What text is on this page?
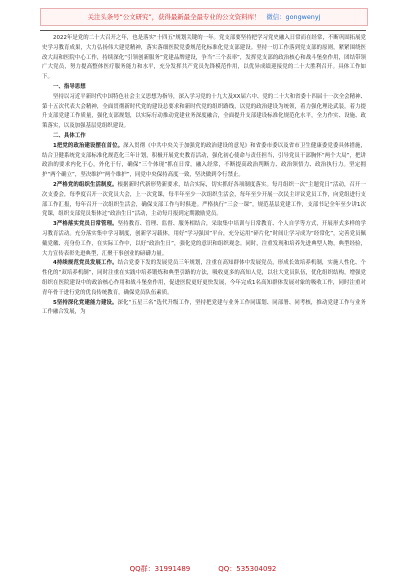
关注头条号“公文研究”，获得最新最全最专业的公文资料库！ 微信：gongwenyj

2022年是党的二十大召开之年，也是落实"十四五"规划关键的一年。党支部要坚持把学习党史融入日常而在经常，不断巩固拓展党史学习教育成果，大力弘扬伟大建党精神，落实落细医院党委规范化标准化党支部建设。坚持一切工作落到党支部的原则，紧紧围绕医改大局和医院中心工作，持续深化“引领创新服务”党建品牌建设，争当“三个表率”，发挥党支部的政治核心和战斗堡垒作用，团结带领广大党员，努力提高整体医疗服务能力和水平，充分发挥共产党员先锋模范作用，以优异成绩迎接党的二十大胜利召开。具体工作如下。

一、指导思想

坚持以习近平新时代中国特色社会主义思想为指导，深入学习党的十九大及XX届六中、党的二十大和省委十四届十一次全会精神、第十五次代表大会精神，全面贯彻新时代党的建设总要求和新时代党的组织路线，以党的政治建设为统领，着力强化理论武装，着力提升支部党建工作质量，强化支部规划，以实际行动推动党建业务深度融合，全面提升支部建设标准化规范化水平，全力作实、设施、政策落实，以及加强基层党组织建设。

二、具体工作

1把党的政治建设摆在首位。深入贯彻《中共中央关于加强党的政治建设的意见》和省委市委以及省市卫生健康委党委具体措施，结合卫健系统党支部标准化规范化三年计划，积极开展党史教育活动，强化初心使命与责任担当，引导党员干部胸怀“两个大局”，把讲政治的要求内化于心，外化于行，确保“三个体现”抓在日常，融入经常，不断提高政治判断力、政治领悟力、政治执行力。坚定拥护“两个确立”，坚决维护“两个维护”，同党中央保持高度一致，坚决做到令行禁止。

2严格党的组织生活制度。根据新时代新形势新要求，结合实际，切实抓好各项制度落实。每月组织一次“主题党日”活动，召开一次支委会，每季度召开一次党员大会，上一次党课，每半年至少一次组织生活会，每年至少开展一次民主评议党员工作，向党组进行支部工作汇报，每年召开一次组织生活会，确保支部工作与时俱进。严格执行“三会一课”，规范基层党建工作，支部书记全年至少讲1次党课，组织支部党员集体过“政治生日”活动，主动每月报到定期激励党员。

3严格落实党员日常管理。坚持教育、管理、监督、服务相结合，采取集中培训与日常教育、个人自学等方式，开展形式多样的学习教育活动。充分落实集中学习制度，创新学习载体，用好“学习强国”平台，充分运用“碎片化”时间让学习成为“经常化”，完善党员佩戴党徽、亮身份工作，在实际工作中，以好“政治生日”，强化党的意识和组织观念。同时，注重发现和培养先进典型人物，典型经验，大力宣传表彰先进典型，汇聚干事创业的磅礴力量。

4持续规范党员发展工作。结合党委下发的发展党员三年规划，注重在高知群体中发展党员，形成长效培养机制，实施人性化、个性化的“双培养机制”，同时注重在实践中培养锻炼和典型引路的方法，吸收更多的高知人党，以壮大党员队伍，优化组织结构，增强党组织在医院建设中的政治核心作用和战斗堡垒作用，促进医院更好更快发展，今年完成1名高知群体发展对象的吸收工作，同时注重对青年骨干进行党的优良传统教育，确保党员队伍素质。

5坚持深化党建能力建设。深化“五星三名”选代升级工作，坚持把党建与业务工作同谋划、同部署、同考核，推动党建工作与业务工作融合发展，为

QQ群：31991489	QQ：535304092
